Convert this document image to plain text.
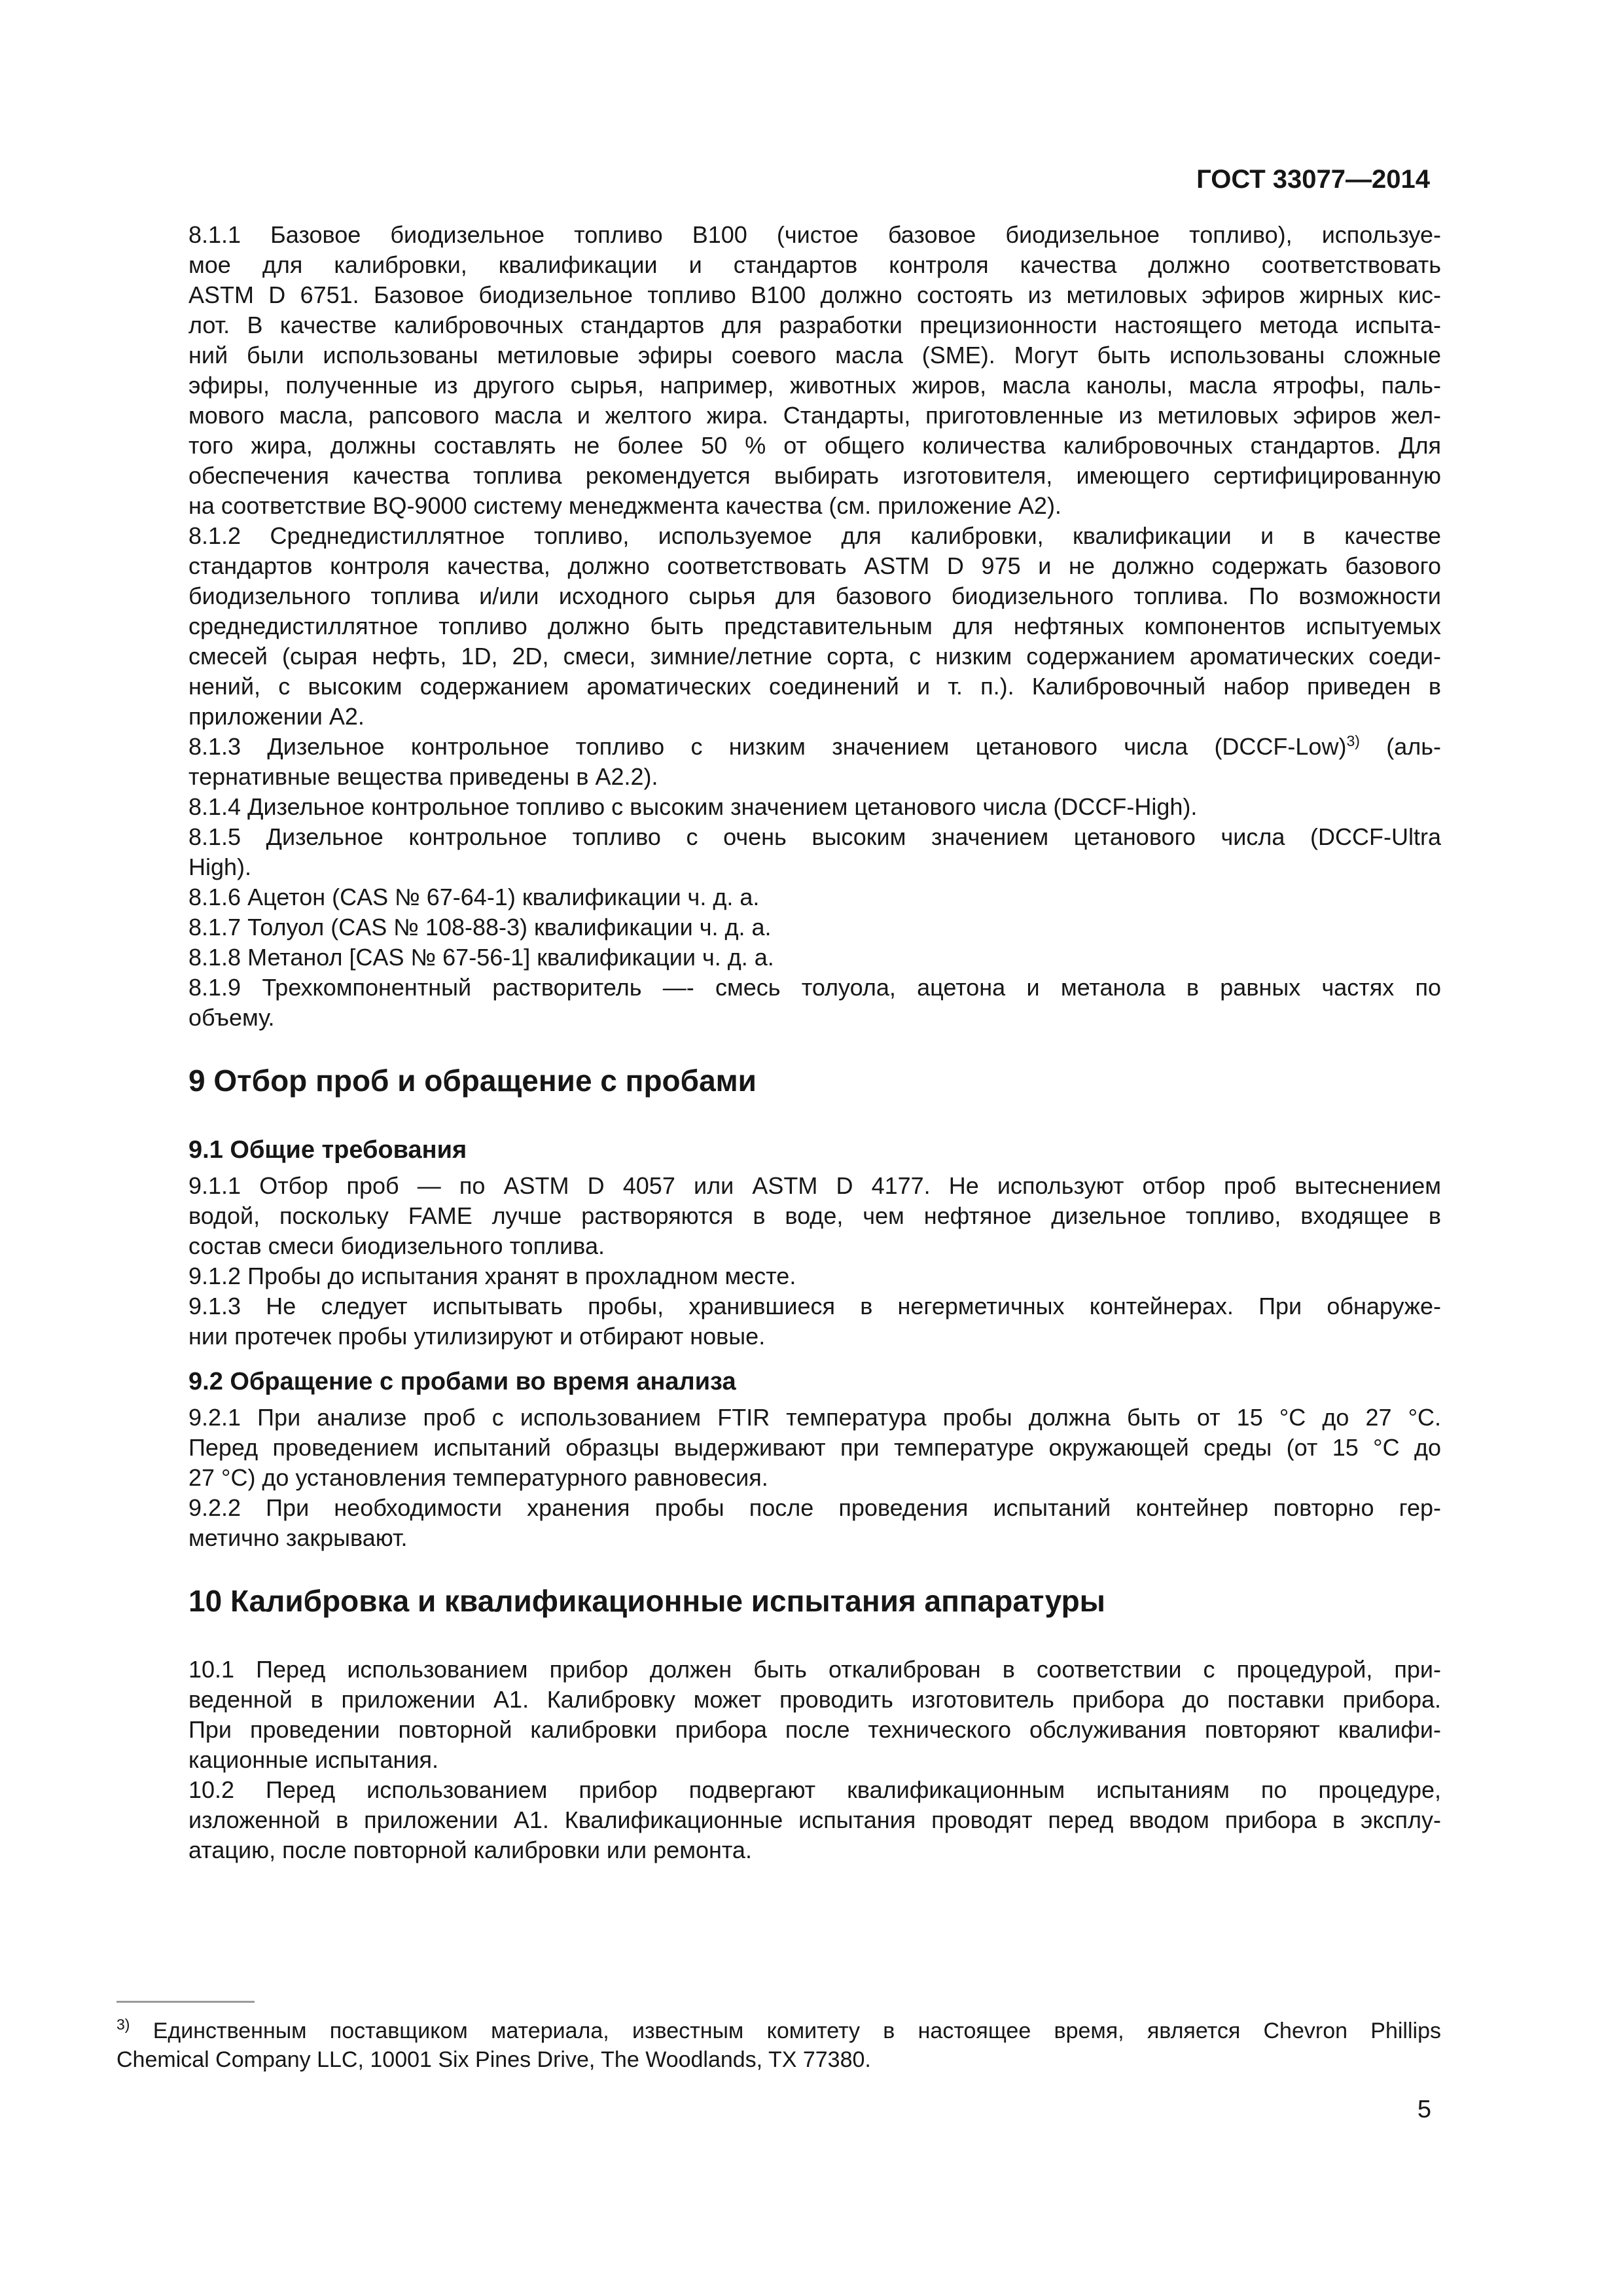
ГОСТ 33077—2014

8.1.1 Базовое биодизельное топливо В100 (чистое базовое биодизельное топливо), используе-
мое для калибровки, квалификации и стандартов контроля качества должно соответствовать
ASTM D 6751. Базовое биодизельное топливо В100 должно состоять из метиловых эфиров жирных кис-
лот. В качестве калибровочных стандартов для разработки прецизионности настоящего метода испыта-
ний были использованы метиловые эфиры соевого масла (SME). Могут быть использованы сложные
эфиры, полученные из другого сырья, например, животных жиров, масла канолы, масла ятрофы, паль-
мового масла, рапсового масла и желтого жира. Стандарты, приготовленные из метиловых эфиров жел-
того жира, должны составлять не более 50 % от общего количества калибровочных стандартов. Для
обеспечения качества топлива рекомендуется выбирать изготовителя, имеющего сертифицированную
на соответствие BQ-9000 систему менеджмента качества (см. приложение А2).

8.1.2 Среднедистиллятное топливо, используемое для калибровки, квалификации и в качестве
стандартов контроля качества, должно соответствовать ASTM D 975 и не должно содержать базового
биодизельного топлива и/или исходного сырья для базового биодизельного топлива. По возможности
среднедистиллятное топливо должно быть представительным для нефтяных компонентов испытуемых
смесей (сырая нефть, 1D, 2D, смеси, зимние/летние сорта, с низким содержанием ароматических соеди-
нений, с высоким содержанием ароматических соединений и т. п.). Калибровочный набор приведен в
приложении А2.

8.1.3 Дизельное контрольное топливо с низким значением цетанового числа (DCCF-Low)$^{3)}$ (аль-
тернативные вещества приведены в А2.2).

8.1.4 Дизельное контрольное топливо с высоким значением цетанового числа (DCCF-High).

8.1.5 Дизельное контрольное топливо с очень высоким значением цетанового числа (DCCF-Ultra
High).

8.1.6 Ацетон (CAS № 67-64-1) квалификации ч. д. а.

8.1.7 Толуол (CAS № 108-88-3) квалификации ч. д. а.

8.1.8 Метанол [CAS № 67-56-1] квалификации ч. д. а.

8.1.9 Трехкомпонентный растворитель —- смесь толуола, ацетона и метанола в равных частях по
объему.

9 Отбор проб и обращение с пробами
9.1 Общие требования

9.1.1 Отбор проб — по ASTM D 4057 или ASTM D 4177. Не используют отбор проб вытеснением
водой, поскольку FAME лучше растворяются в воде, чем нефтяное дизельное топливо, входящее в
состав смеси биодизельного топлива.

9.1.2 Пробы до испытания хранят в прохладном месте.

9.1.3 Не следует испытывать пробы, хранившиеся в негерметичных контейнерах. При обнаруже-
нии протечек пробы утилизируют и отбирают новые.

9.2 Обращение с пробами во время анализа

9.2.1 При анализе проб с использованием FTIR температура пробы должна быть от 15 °С до 27 °С.
Перед проведением испытаний образцы выдерживают при температуре окружающей среды (от 15 °С до
27 °С) до установления температурного равновесия.

9.2.2 При необходимости хранения пробы после проведения испытаний контейнер повторно гер-
метично закрывают.

10 Калибровка и квалификационные испытания аппаратуры

10.1 Перед использованием прибор должен быть откалиброван в соответствии с процедурой, при-
веденной в приложении А1. Калибровку может проводить изготовитель прибора до поставки прибора.
При проведении повторной калибровки прибора после технического обслуживания повторяют квалифи-
кационные испытания.

10.2 Перед использованием прибор подвергают квалификационным испытаниям по процедуре,
изложенной в приложении А1. Квалификационные испытания проводят перед вводом прибора в эксплу-
атацию, после повторной калибровки или ремонта.

$^{3)}$ Единственным поставщиком материала, известным комитету в настоящее время, является Chevron Phillips
Chemical Company LLC, 10001 Six Pines Drive, The Woodlands, TX 77380.
5
